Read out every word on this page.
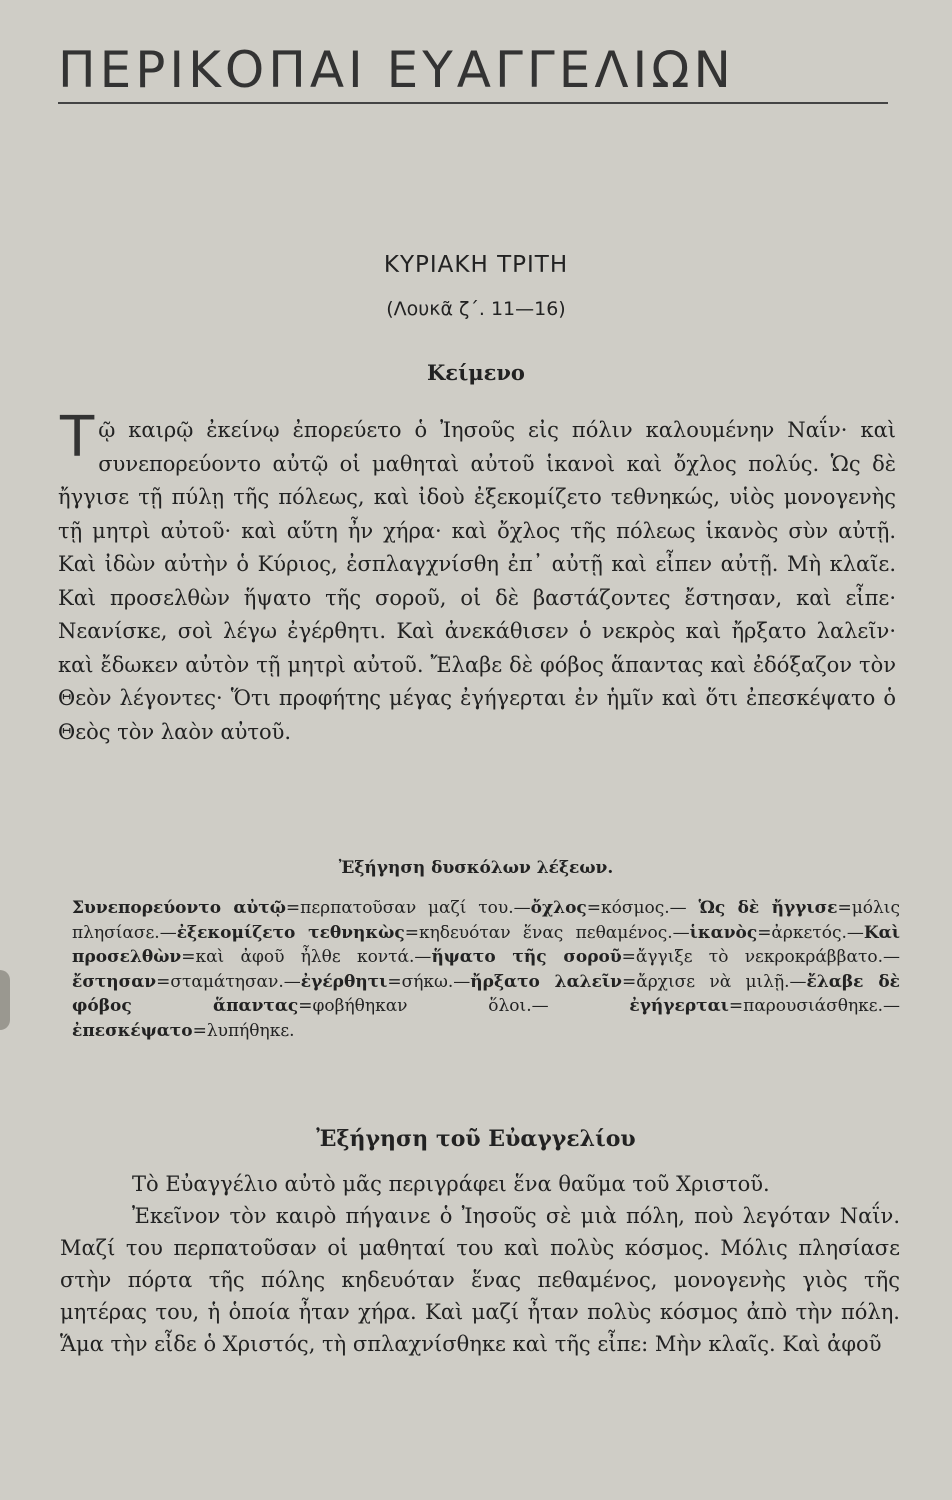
ΠΕΡΙΚΟΠΑΙ ΕΥΑΓΓΕΛΙΩΝ
ΚΥΡΙΑΚΗ ΤΡΙΤΗ
(Λουκᾶ ζ΄. 11—16)
Κείμενο

Τῷ καιρῷ ἐκείνῳ ἐπορεύετο ὁ Ἰησοῦς εἰς πόλιν καλουμένην Ναΐν· καὶ συνεπορεύοντο αὐτῷ οἱ μαθηταὶ αὐτοῦ ἱκανοὶ καὶ ὄχλος πολύς. Ὡς δὲ ἤγγισε τῇ πύλῃ τῆς πόλεως, καὶ ἰδοὺ ἐξεκομίζετο τεθνηκώς, υἱὸς μονογενὴς τῇ μητρὶ αὐτοῦ· καὶ αὕτη ἦν χήρα· καὶ ὄχλος τῆς πόλεως ἱκανὸς σὺν αὐτῇ. Καὶ ἰδὼν αὐτὴν ὁ Κύριος, ἐσπλαγχνίσθη ἐπ᾿ αὐτῇ καὶ εἶπεν αὐτῇ. Μὴ κλαῖε. Καὶ προσελθὼν ἥψατο τῆς σοροῦ, οἱ δὲ βαστάζοντες ἔστησαν, καὶ εἶπε· Νεανίσκε, σοὶ λέγω ἐγέρθητι. Καὶ ἀνεκάθισεν ὁ νεκρὸς καὶ ἤρξατο λαλεῖν· καὶ ἔδωκεν αὐτὸν τῇ μητρὶ αὐτοῦ. Ἔλαβε δὲ φόβος ἅπαντας καὶ ἐδόξαζον τὸν Θεὸν λέγοντες· Ὅτι προφήτης μέγας ἐγήγερται ἐν ἡμῖν καὶ ὅτι ἐπεσκέψατο ὁ Θεὸς τὸν λαὸν αὐτοῦ.

Ἐξήγηση δυσκόλων λέξεων.

Συνεπορεύοντο αὐτῷ=περπατοῦσαν μαζί του.—ὄχλος=κόσμος.— Ὡς δὲ ἤγγισε=μόλις πλησίασε.—ἐξεκομίζετο τεθνηκὼς=κηδευόταν ἕνας πεθαμένος.—ἱκανὸς=ἀρκετός.—Καὶ προσελθὼν=καὶ ἀφοῦ ἦλθε κοντά.—ἥψατο τῆς σοροῦ=ἄγγιξε τὸ νεκροκράββατο.—ἔστησαν=σταμάτησαν.—ἐγέρθητι=σήκω.—ἤρξατο λαλεῖν=ἄρχισε νὰ μιλῇ.—ἔλαβε δὲ φόβος ἅπαντας=φοβήθηκαν ὅλοι.— ἐγήγερται=παρουσιάσθηκε.— ἐπεσκέψατο=λυπήθηκε.

Ἐξήγηση τοῦ Εὐαγγελίου

Τὸ Εὐαγγέλιο αὐτὸ μᾶς περιγράφει ἕνα θαῦμα τοῦ Χριστοῦ.
Ἐκεῖνον τὸν καιρὸ πήγαινε ὁ Ἰησοῦς σὲ μιὰ πόλη, ποὺ λεγόταν Ναΐν. Μαζί του περπατοῦσαν οἱ μαθηταί του καὶ πολὺς κόσμος. Μόλις πλησίασε στὴν πόρτα τῆς πόλης κηδευόταν ἕνας πεθαμένος, μονογενὴς γιὸς τῆς μητέρας του, ἡ ὁποία ἦταν χήρα. Καὶ μαζί ἦταν πολὺς κόσμος ἀπὸ τὴν πόλη. Ἅμα τὴν εἶδε ὁ Χριστός, τὴ σπλαχνίσθηκε καὶ τῆς εἶπε: Μὴν κλαῖς. Καὶ ἀφοῦ
